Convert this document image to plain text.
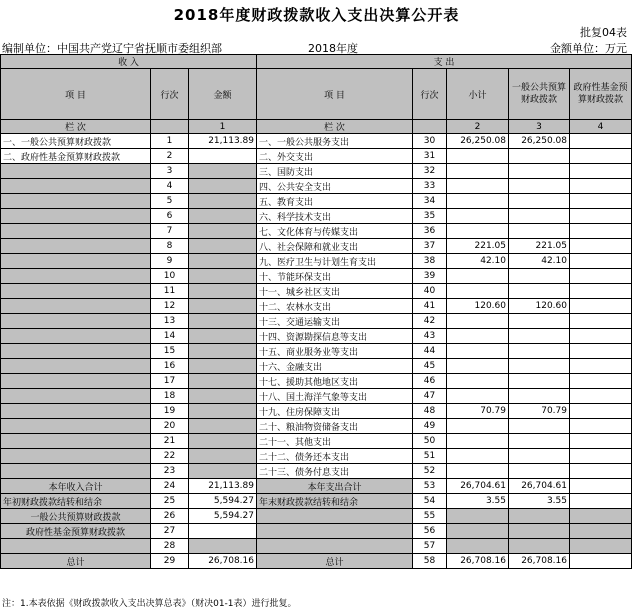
2018年度财政拨款收入支出决算公开表
批复04表
编制单位：中国共产党辽宁省抚顺市委组织部	2018年度	金额单位：万元
收 入			支 出				
项 目	行次	金额	项 目	行次	小计	一般公共预算财政拨款	政府性基金预算财政拨款
栏 次		1	栏 次		2	3	4
一、一般公共预算财政拨款	1	21,113.89	一、一般公共服务支出	30	26,250.08	26,250.08	
二、政府性基金预算财政拨款	2		二、外交支出	31			
	3		三、国防支出	32			
	4		四、公共安全支出	33			
	5		五、教育支出	34			
	6		六、科学技术支出	35			
	7		七、文化体育与传媒支出	36			
	8		八、社会保障和就业支出	37	221.05	221.05	
	9		九、医疗卫生与计划生育支出	38	42.10	42.10	
	10		十、节能环保支出	39			
	11		十一、城乡社区支出	40			
	12		十二、农林水支出	41	120.60	120.60	
	13		十三、交通运输支出	42			
	14		十四、资源勘探信息等支出	43			
	15		十五、商业服务业等支出	44			
	16		十六、金融支出	45			
	17		十七、援助其他地区支出	46			
	18		十八、国土海洋气象等支出	47			
	19		十九、住房保障支出	48	70.79	70.79	
	20		二十、粮油物资储备支出	49			
	21		二十一、其他支出	50			
	22		二十二、债务还本支出	51			
	23		二十三、债务付息支出	52			
本年收入合计	24	21,113.89	本年支出合计	53	26,704.61	26,704.61	
年初财政拨款结转和结余	25	5,594.27	年末财政拨款结转和结余	54	3.55	3.55	
一般公共预算财政拨款	26	5,594.27		55			
政府性基金预算财政拨款	27			56			
	28			57			
总计	29	26,708.16	总计	58	26,708.16	26,708.16	
注：1.本表依据《财政拨款收入支出决算总表》（财决01-1表）进行批复。
